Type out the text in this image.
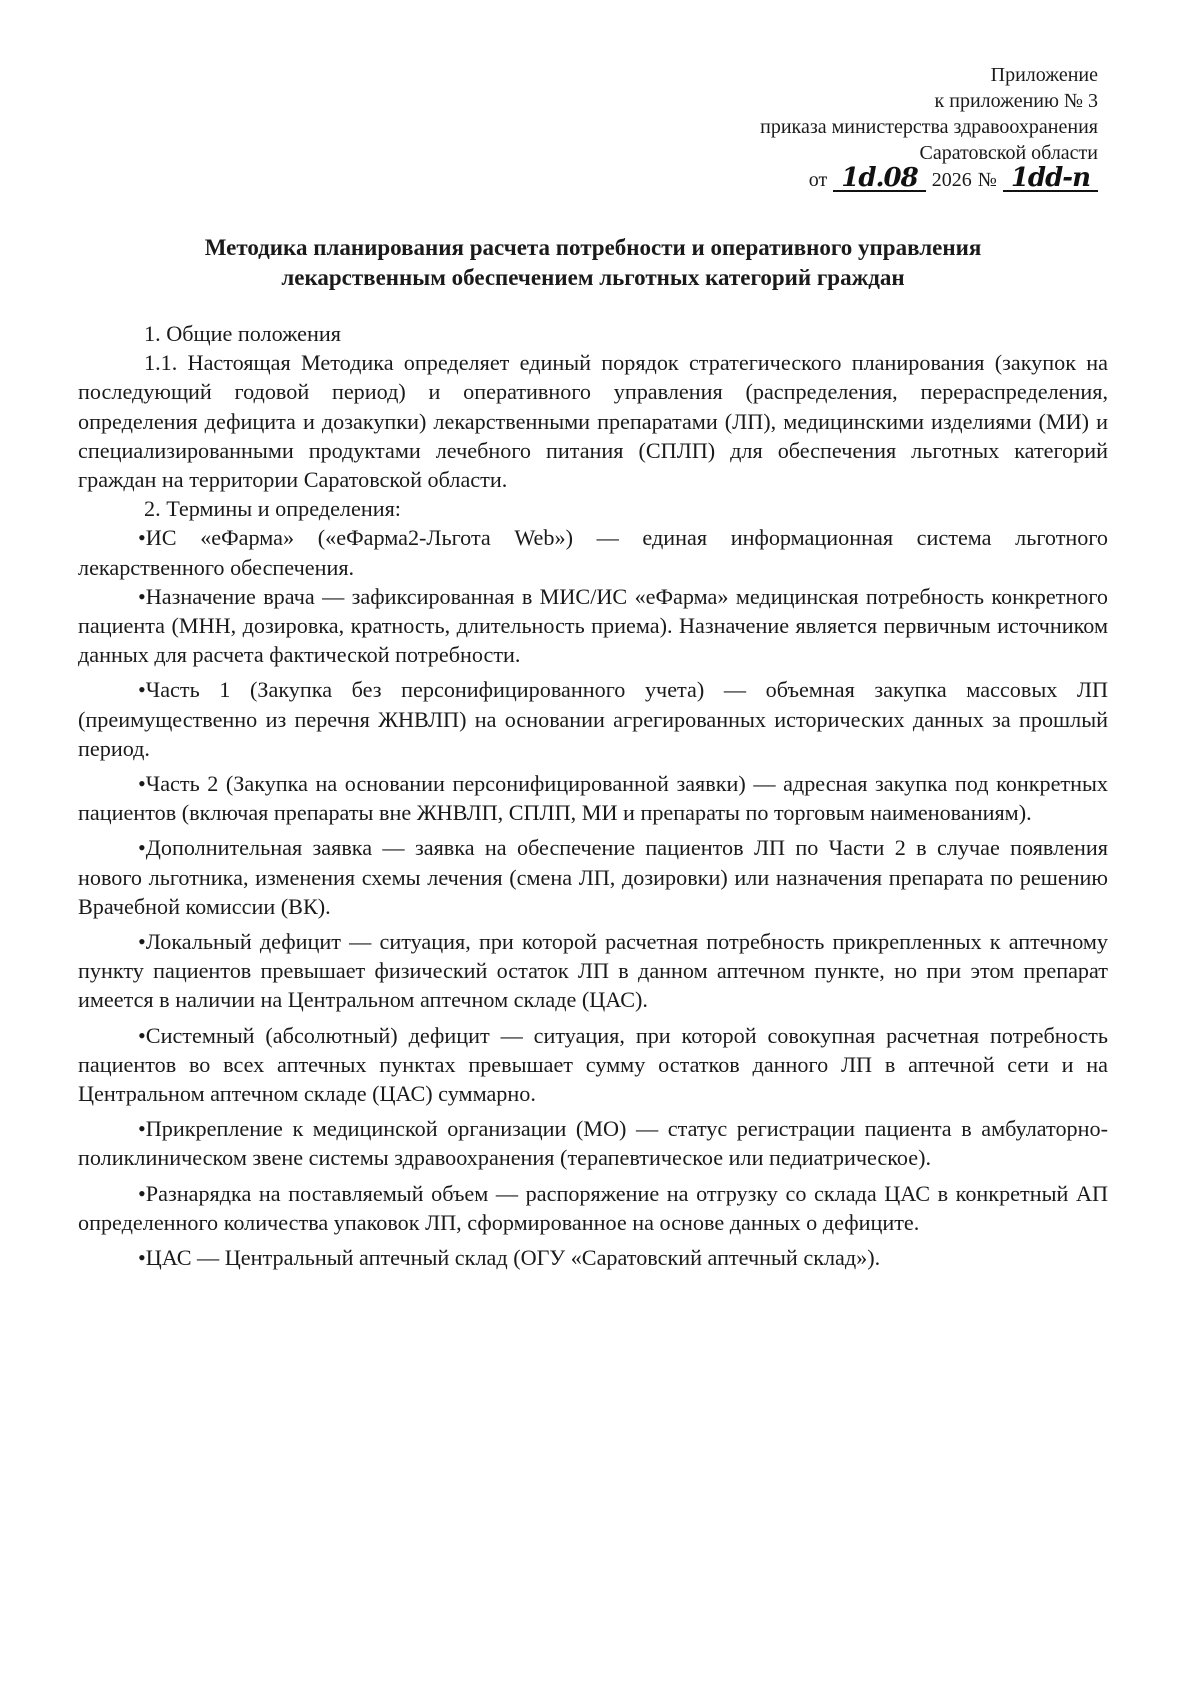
Приложение
к приложению № 3
приказа министерства здравоохранения
Саратовской области
от 1d.08 2026 № 1dd-n
Методика планирования расчета потребности и оперативного управления
лекарственным обеспечением льготных категорий граждан

1. Общие положения

1.1. Настоящая Методика определяет единый порядок стратегического планирования (закупок на последующий годовой период) и оперативного управления (распределения, перераспределения, определения дефицита и дозакупки) лекарственными препаратами (ЛП), медицинскими изделиями (МИ) и специализированными продуктами лечебного питания (СПЛП) для обеспечения льготных категорий граждан на территории Саратовской области.

2. Термины и определения:

•ИС «еФарма» («еФарма2-Льгота Web») — единая информационная система льготного лекарственного обеспечения.

•Назначение врача — зафиксированная в МИС/ИС «еФарма» медицинская потребность конкретного пациента (МНН, дозировка, кратность, длительность приема). Назначение является первичным источником данных для расчета фактической потребности.

•Часть 1 (Закупка без персонифицированного учета) — объемная закупка массовых ЛП (преимущественно из перечня ЖНВЛП) на основании агрегированных исторических данных за прошлый период.

•Часть 2 (Закупка на основании персонифицированной заявки) — адресная закупка под конкретных пациентов (включая препараты вне ЖНВЛП, СПЛП, МИ и препараты по торговым наименованиям).

•Дополнительная заявка — заявка на обеспечение пациентов ЛП по Части 2 в случае появления нового льготника, изменения схемы лечения (смена ЛП, дозировки) или назначения препарата по решению Врачебной комиссии (ВК).

•Локальный дефицит — ситуация, при которой расчетная потребность прикрепленных к аптечному пункту пациентов превышает физический остаток ЛП в данном аптечном пункте, но при этом препарат имеется в наличии на Центральном аптечном складе (ЦАС).

•Системный (абсолютный) дефицит — ситуация, при которой совокупная расчетная потребность пациентов во всех аптечных пунктах превышает сумму остатков данного ЛП в аптечной сети и на Центральном аптечном складе (ЦАС) суммарно.

•Прикрепление к медицинской организации (МО) — статус регистрации пациента в амбулаторно-поликлиническом звене системы здравоохранения (терапевтическое или педиатрическое).

•Разнарядка на поставляемый объем — распоряжение на отгрузку со склада ЦАС в конкретный АП определенного количества упаковок ЛП, сформированное на основе данных о дефиците.

•ЦАС — Центральный аптечный склад (ОГУ «Саратовский аптечный склад»).
